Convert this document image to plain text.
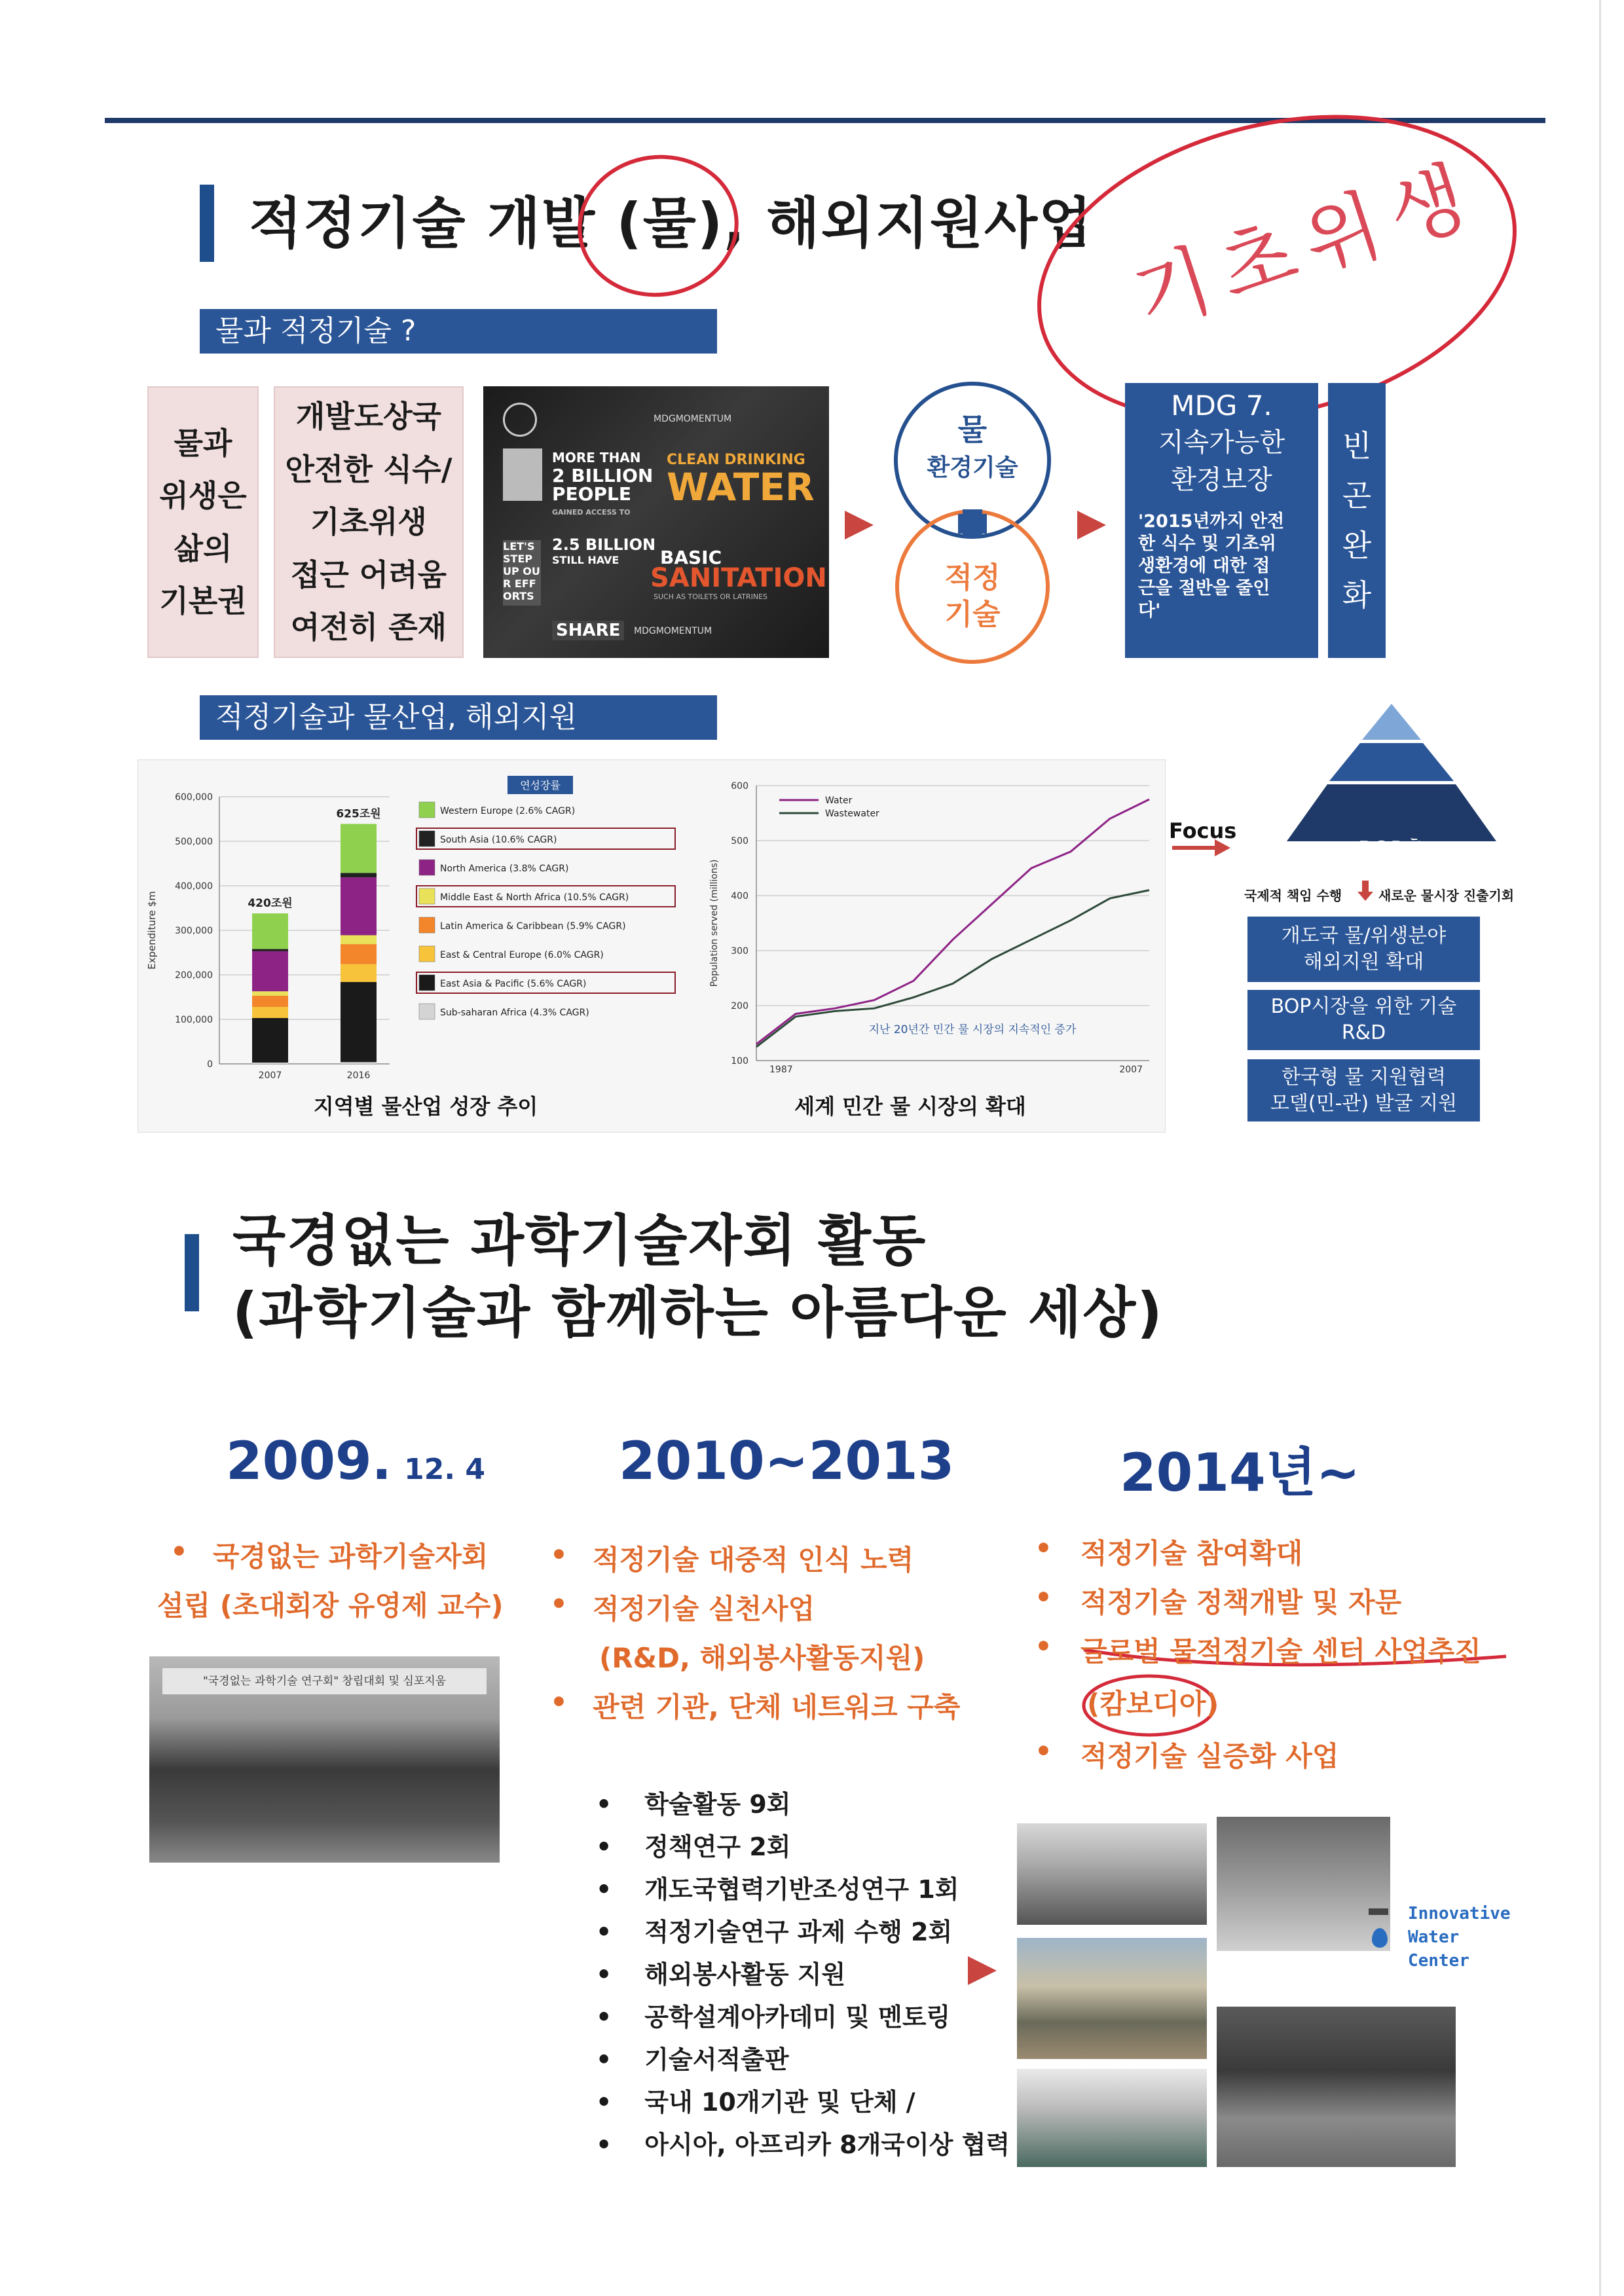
적정기술 개발 (물), 해외지원사업 기초위생
물과 적정기술 ?
물과
위생은
삶의
기본권
개발도상국
안전한 식수/
기초위생
접근 어려움
여전히 존재
MDGMOMENTUM
MORE THAN
2 BILLION
PEOPLE
GAINED ACCESS TO
CLEAN DRINKING
WATER
LET'S STEP UP OUR EFFORTS
2.5 BILLION
STILL HAVE	BASIC
SANITATION
SUCH AS TOILETS OR LATRINES
SHARE	MDGMOMENTUM
물
환경기술
적정
기술
MDG 7.
지속가능한
환경보장
'2015년까지 안전
한 식수 및 기초위
생환경에 대한 접
근을 절반을 줄인
다'
빈
곤
완
화
적정기술과 물산업, 해외지원
0
100,000
200,000
300,000
400,000
500,000
600,000
Expenditure $m
2007
420조원
2016
625조원
연성장률
Western Europe (2.6% CAGR)
South Asia (10.6% CAGR)
North America (3.8% CAGR)
Middle East & North Africa (10.5% CAGR)
Latin America & Caribbean (5.9% CAGR)
East & Central Europe (6.0% CAGR)
East Asia & Pacific (5.6% CAGR)
Sub-saharan Africa (4.3% CAGR)
지역별 물산업 성장 추이
100
200
300
400
500
600
1987	2007
Population served (millions)
Water
Wastewater
지난 20년간 민간 물 시장의 지속적인 증가
세계 민간 물 시장의 확대
Focus
BOP층
국제적 책임 수행	새로운 물시장 진출기회
개도국 물/위생분야
해외지원 확대
BOP시장을 위한 기술
R&D
한국형 물 지원협력
모델(민-관) 발굴 지원
국경없는 과학기술자회 활동
(과학기술과 함께하는 아름다운 세상)
2009. 12. 4
• 국경없는 과학기술자회
설립 (초대회장 유영제 교수)
"국경없는 과학기술 연구회" 창립대회 및 심포지움
2010~2013
• 적정기술 대중적 인식 노력
• 적정기술 실천사업
(R&D, 해외봉사활동지원)
• 관련 기관, 단체 네트워크 구축
2014년~
• 적정기술 참여확대
• 적정기술 정책개발 및 자문
• 글로벌 물적정기술 센터 사업추진
(캄보디아)
• 적정기술 실증화 사업
• 학술활동 9회
• 정책연구 2회
• 개도국협력기반조성연구 1회
• 적정기술연구 과제 수행 2회
• 해외봉사활동 지원
• 공학설계아카데미 및 멘토링
• 기술서적출판
• 국내 10개기관 및 단체 /
• 아시아, 아프리카 8개국이상 협력
Innovative
Water
Center
